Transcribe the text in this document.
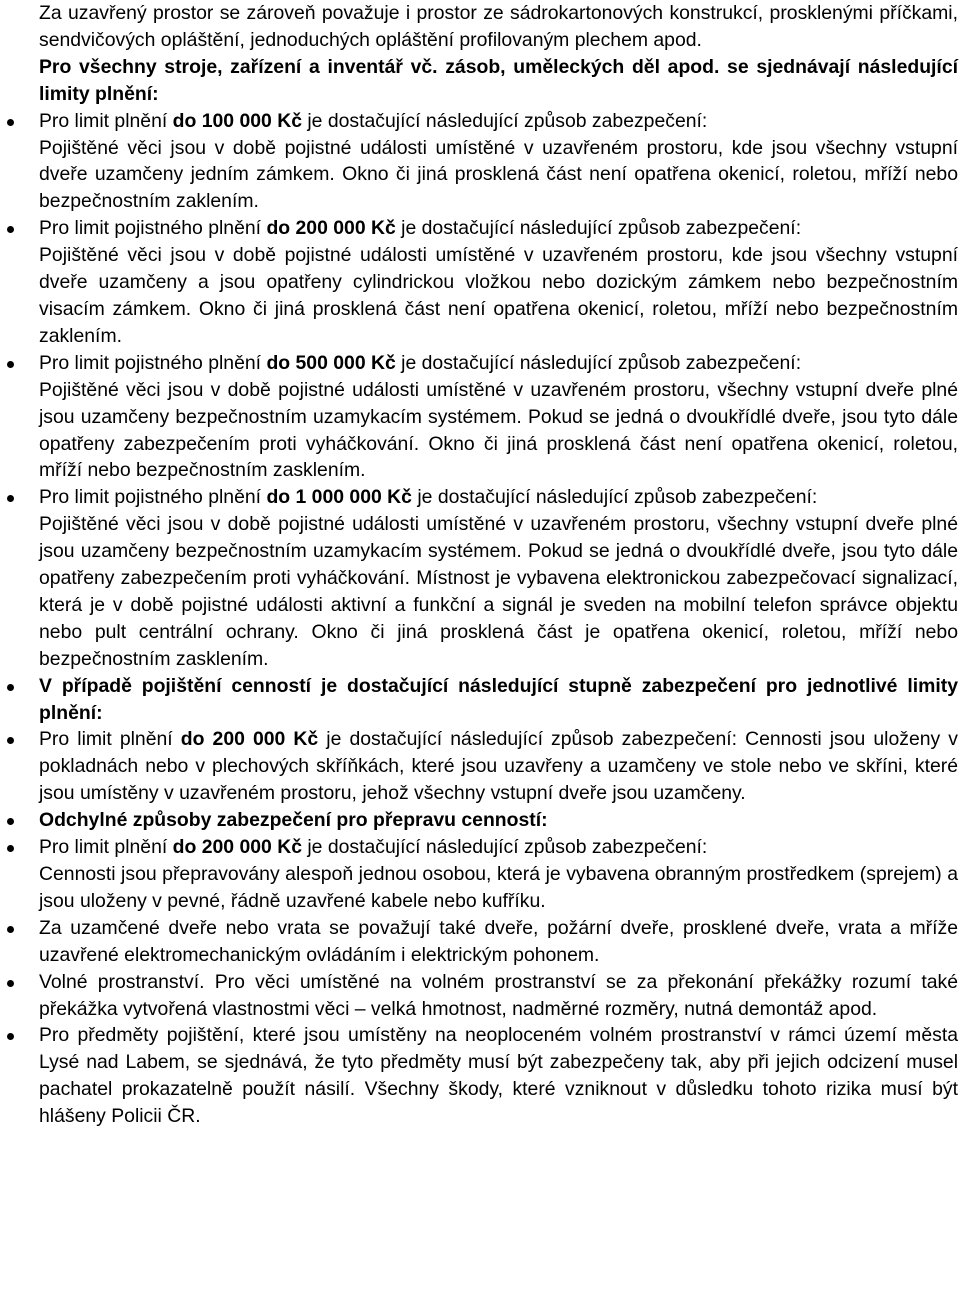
Za uzavřený prostor se zároveň považuje i prostor ze sádrokartonových konstrukcí, prosklenými příčkami, sendvičových opláštění, jednoduchých opláštění profilovaným plechem apod.
Pro všechny stroje, zařízení a inventář vč. zásob, uměleckých děl apod. se sjednávají následující limity plnění:
Pro limit plnění do 100 000 Kč je dostačující následující způsob zabezpečení:
Pojištěné věci jsou v době pojistné události umístěné v uzavřeném prostoru, kde jsou všechny vstupní dveře uzamčeny jedním zámkem. Okno či jiná prosklená část není opatřena okenicí, roletou, mříží nebo bezpečnostním zaklením.
Pro limit pojistného plnění do 200 000 Kč je dostačující následující způsob zabezpečení:
Pojištěné věci jsou v době pojistné události umístěné v uzavřeném prostoru, kde jsou všechny vstupní dveře uzamčeny a jsou opatřeny cylindrickou vložkou nebo dozickým zámkem nebo bezpečnostním visacím zámkem. Okno či jiná prosklená část není opatřena okenicí, roletou, mříží nebo bezpečnostním zaklením.
Pro limit pojistného plnění do 500 000 Kč je dostačující následující způsob zabezpečení:
Pojištěné věci jsou v době pojistné události umístěné v uzavřeném prostoru, všechny vstupní dveře plné jsou uzamčeny bezpečnostním uzamykacím systémem. Pokud se jedná o dvoukřídlé dveře, jsou tyto dále opatřeny zabezpečením proti vyháčkování. Okno či jiná prosklená část není opatřena okenicí, roletou, mříží nebo bezpečnostním zasklením.
Pro limit pojistného plnění do 1 000 000 Kč je dostačující následující způsob zabezpečení:
Pojištěné věci jsou v době pojistné události umístěné v uzavřeném prostoru, všechny vstupní dveře plné jsou uzamčeny bezpečnostním uzamykacím systémem. Pokud se jedná o dvoukřídlé dveře, jsou tyto dále opatřeny zabezpečením proti vyháčkování. Místnost je vybavena elektronickou zabezpečovací signalizací, která je v době pojistné události aktivní a funkční a signál je sveden na mobilní telefon správce objektu nebo pult centrální ochrany. Okno či jiná prosklená část je opatřena okenicí, roletou, mříží nebo bezpečnostním zasklením.
V případě pojištění cenností je dostačující následující stupně zabezpečení pro jednotlivé limity plnění:
Pro limit plnění do 200 000 Kč je dostačující následující způsob zabezpečení: Cennosti jsou uloženy v pokladnách nebo v plechových skříňkách, které jsou uzavřeny a uzamčeny ve stole nebo ve skříni, které jsou umístěny v uzavřeném prostoru, jehož všechny vstupní dveře jsou uzamčeny.
Odchylné způsoby zabezpečení pro přepravu cenností:
Pro limit plnění do 200 000 Kč je dostačující následující způsob zabezpečení:
Cennosti jsou přepravovány alespoň jednou osobou, která je vybavena obranným prostředkem (sprejem) a jsou uloženy v pevné, řádně uzavřené kabele nebo kufříku.
Za uzamčené dveře nebo vrata se považují také dveře, požární dveře, prosklené dveře, vrata a mříže uzavřené elektromechanickým ovládáním i elektrickým pohonem.
Volné prostranství. Pro věci umístěné na volném prostranství se za překonání překážky rozumí také překážka vytvořená vlastnostmi věci – velká hmotnost, nadměrné rozměry, nutná demontáž apod.
Pro předměty pojištění, které jsou umístěny na neoploceném volném prostranství v rámci území města Lysé nad Labem, se sjednává, že tyto předměty musí být zabezpečeny tak, aby při jejich odcizení musel pachatel prokazatelně použít násilí. Všechny škody, které vzniknout v důsledku tohoto rizika musí být hlášeny Policii ČR.
